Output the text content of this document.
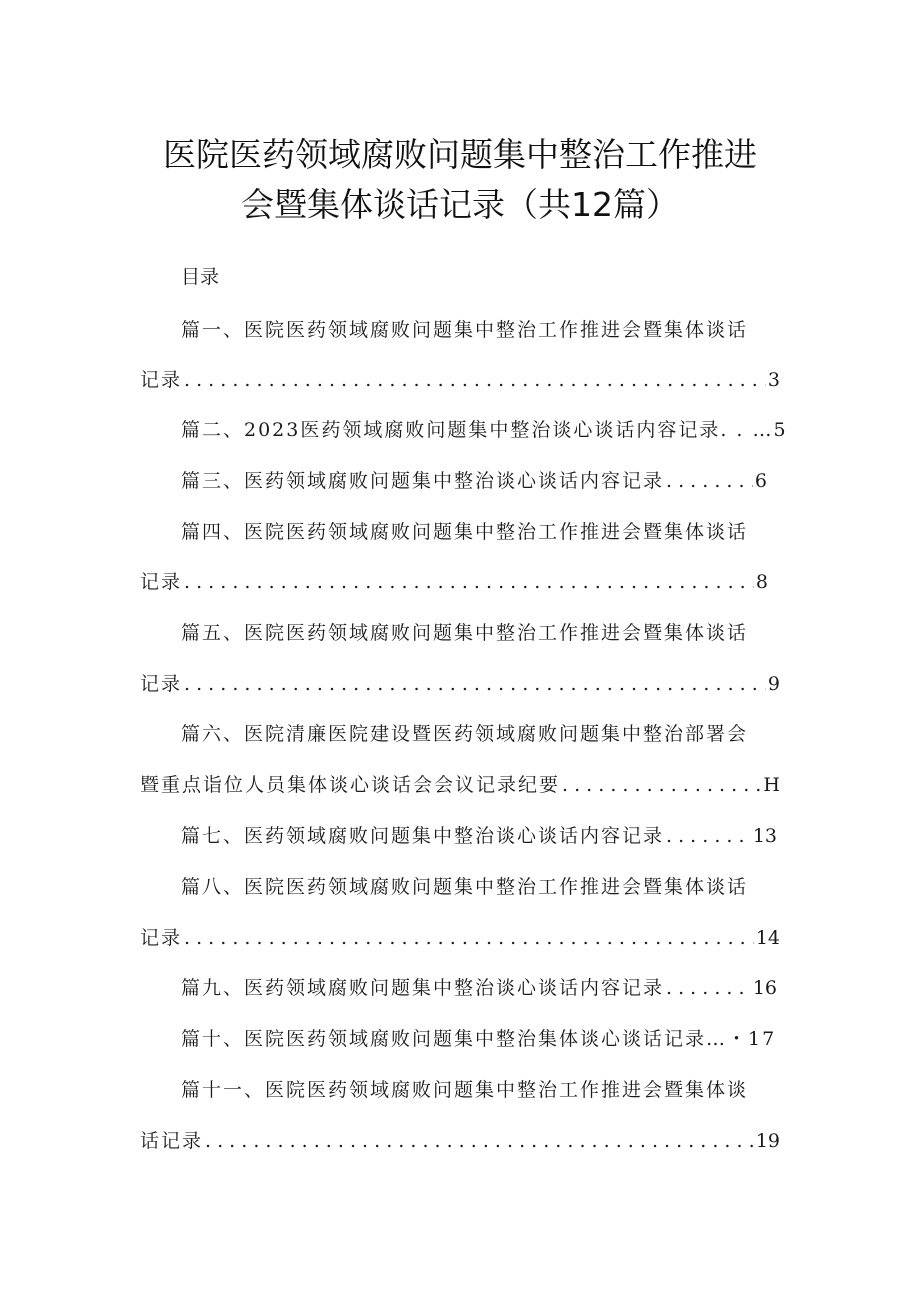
医院医药领域腐败问题集中整治工作推进
会暨集体谈话记录（共12篇）
目录
篇一、医院医药领域腐败问题集中整治工作推进会暨集体谈话
记录 . . .	3
篇二、2023医药领域腐败问题集中整治谈心谈话内容记录. . …5
篇三、医药领域腐败问题集中整治谈心谈话内容记录 . . .	6
篇四、医院医药领域腐败问题集中整治工作推进会暨集体谈话
记录 . . .	8
篇五、医院医药领域腐败问题集中整治工作推进会暨集体谈话
记录 . . .	9
篇六、医院清廉医院建设暨医药领域腐败问题集中整治部署会
暨重点诣位人员集体谈心谈话会会议记录纪要 . . .	H
篇七、医药领域腐败问题集中整治谈心谈话内容记录 . . .	13
篇八、医院医药领域腐败问题集中整治工作推进会暨集体谈话
记录 . . .	14
篇九、医药领域腐败问题集中整治谈心谈话内容记录 . . .	16
篇十、医院医药领域腐败问题集中整治集体谈心谈话记录…・17
篇十一、医院医药领域腐败问题集中整治工作推进会暨集体谈
话记录 . . .	19
